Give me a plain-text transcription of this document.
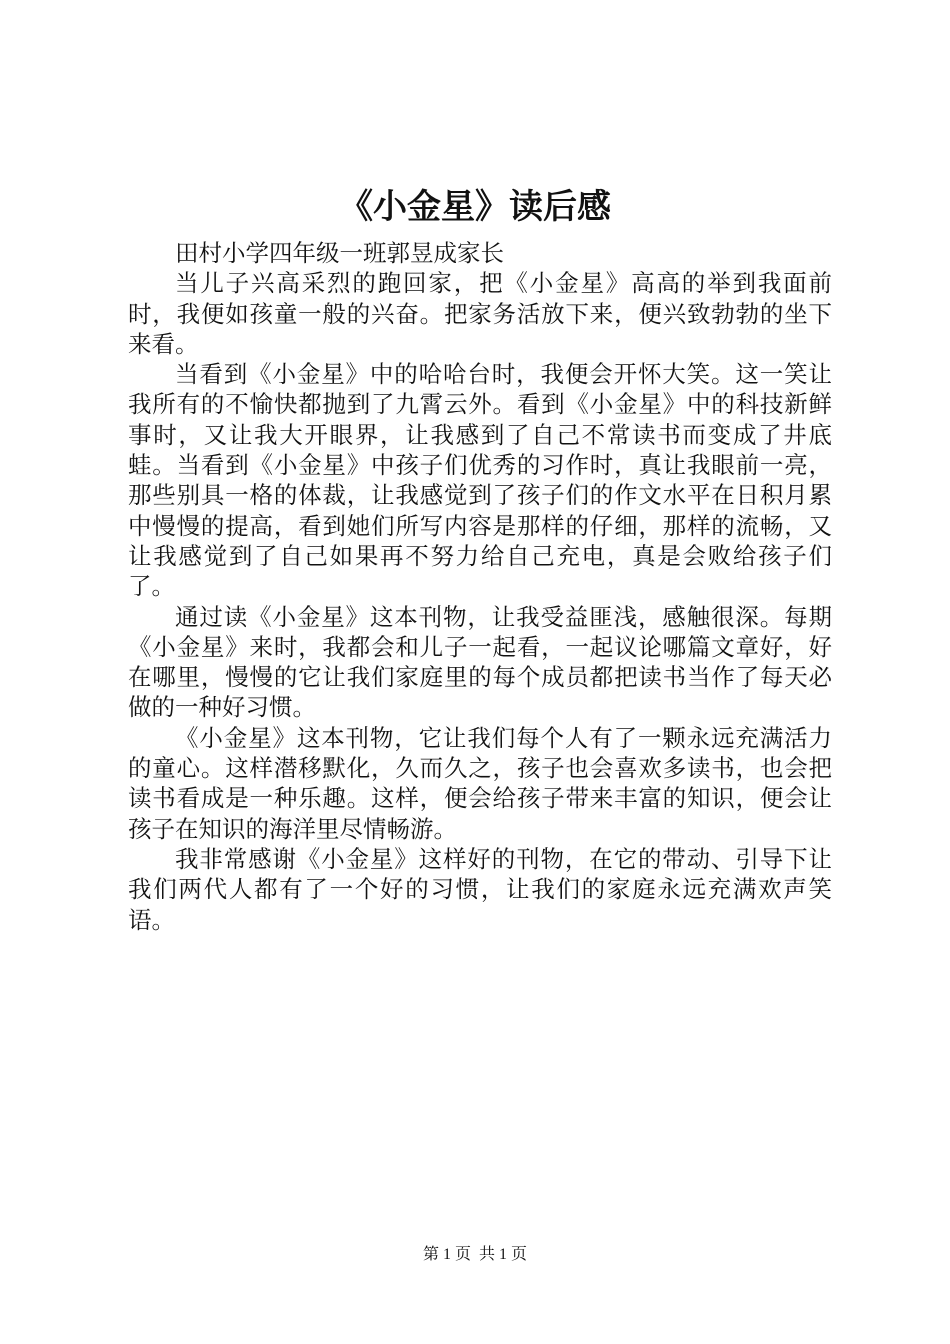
《小金星》读后感

田村小学四年级一班郭昱成家长

当儿子兴高采烈的跑回家，把《小金星》高高的举到我面前时，我便如孩童一般的兴奋。把家务活放下来，便兴致勃勃的坐下来看。

当看到《小金星》中的哈哈台时，我便会开怀大笑。这一笑让我所有的不愉快都抛到了九霄云外。看到《小金星》中的科技新鲜事时，又让我大开眼界，让我感到了自己不常读书而变成了井底蛙。当看到《小金星》中孩子们优秀的习作时，真让我眼前一亮，那些别具一格的体裁，让我感觉到了孩子们的作文水平在日积月累中慢慢的提高，看到她们所写内容是那样的仔细，那样的流畅，又让我感觉到了自己如果再不努力给自己充电，真是会败给孩子们了。

通过读《小金星》这本刊物，让我受益匪浅，感触很深。每期《小金星》来时，我都会和儿子一起看，一起议论哪篇文章好，好在哪里，慢慢的它让我们家庭里的每个成员都把读书当作了每天必做的一种好习惯。

《小金星》这本刊物，它让我们每个人有了一颗永远充满活力的童心。这样潜移默化，久而久之，孩子也会喜欢多读书，也会把读书看成是一种乐趣。这样，便会给孩子带来丰富的知识，便会让孩子在知识的海洋里尽情畅游。

我非常感谢《小金星》这样好的刊物，在它的带动、引导下让我们两代人都有了一个好的习惯，让我们的家庭永远充满欢声笑语。

第 1 页  共 1 页
